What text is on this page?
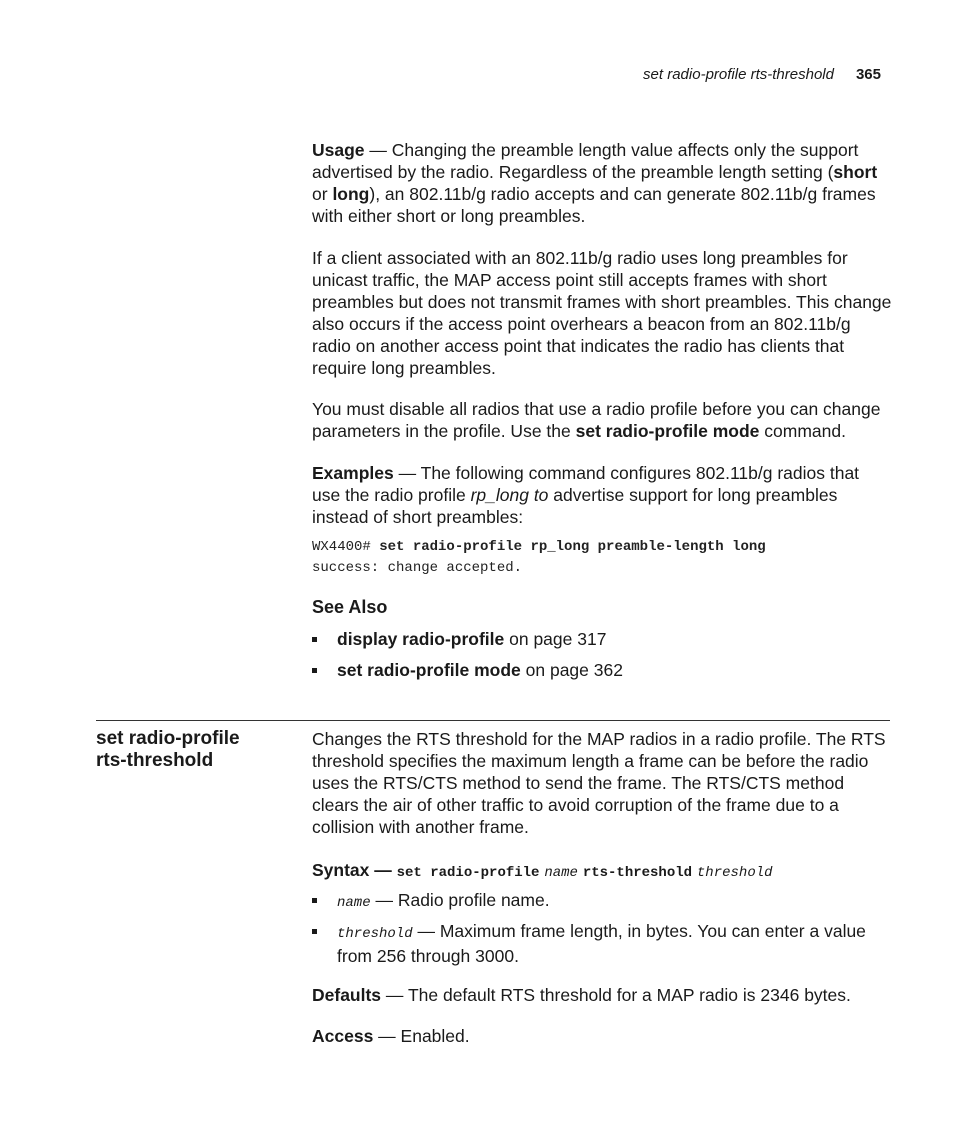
set radio-profile rts-threshold 365

Usage — Changing the preamble length value affects only the support advertised by the radio. Regardless of the preamble length setting (short or long), an 802.11b/g radio accepts and can generate 802.11b/g frames with either short or long preambles.

If a client associated with an 802.11b/g radio uses long preambles for unicast traffic, the MAP access point still accepts frames with short preambles but does not transmit frames with short preambles. This change also occurs if the access point overhears a beacon from an 802.11b/g radio on another access point that indicates the radio has clients that require long preambles.

You must disable all radios that use a radio profile before you can change parameters in the profile. Use the set radio-profile mode command.

Examples — The following command configures 802.11b/g radios that use the radio profile rp_long to advertise support for long preambles instead of short preambles:

WX4400# set radio-profile rp_long preamble-length long
success: change accepted.
See Also
display radio-profile on page 317
set radio-profile mode on page 362
set radio-profile
rts-threshold

Changes the RTS threshold for the MAP radios in a radio profile. The RTS threshold specifies the maximum length a frame can be before the radio uses the RTS/CTS method to send the frame. The RTS/CTS method clears the air of other traffic to avoid corruption of the frame due to a collision with another frame.

Syntax — set radio-profile name rts-threshold threshold

name — Radio profile name.
threshold — Maximum frame length, in bytes. You can enter a value from 256 through 3000.

Defaults — The default RTS threshold for a MAP radio is 2346 bytes.

Access — Enabled.
